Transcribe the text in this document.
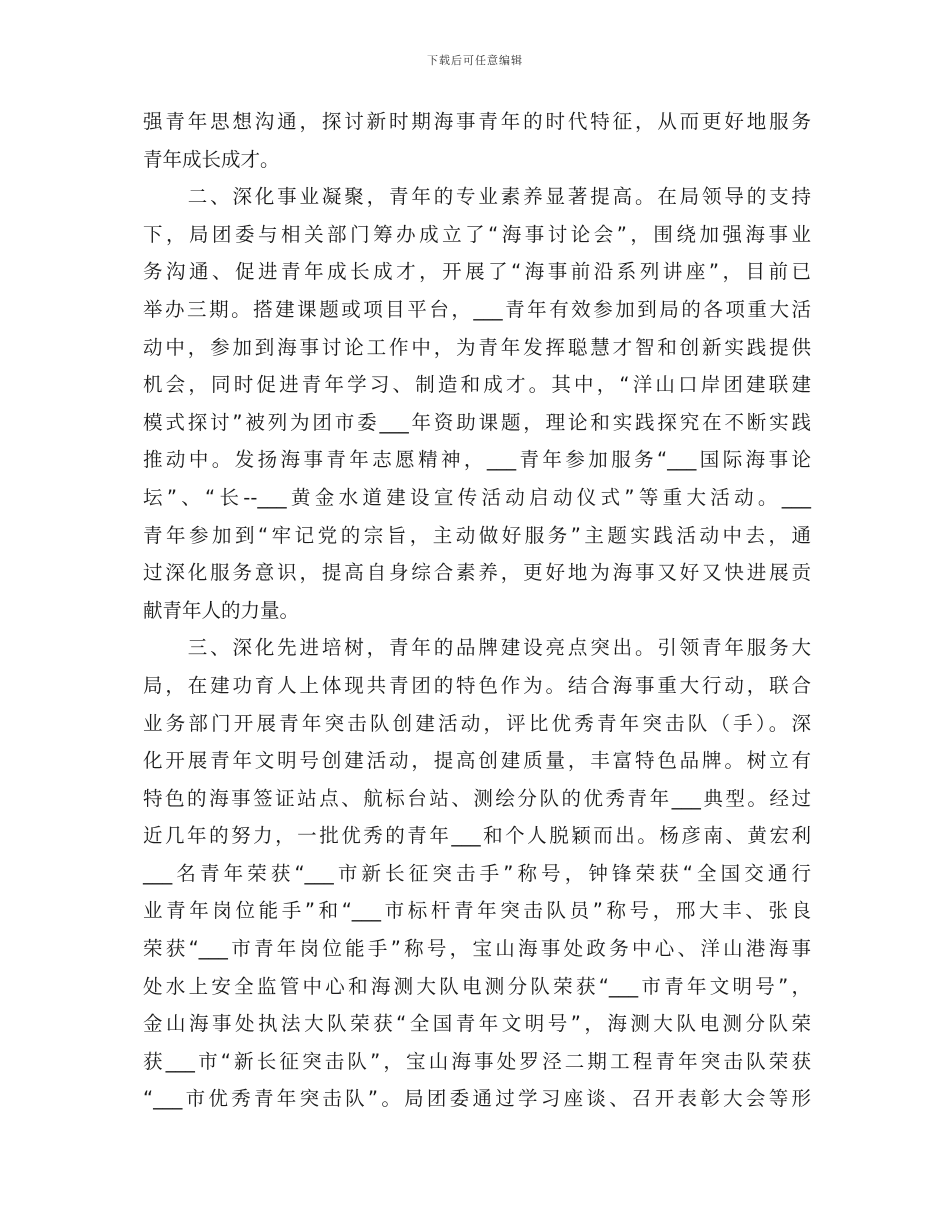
下载后可任意编辑
强青年思想沟通，探讨新时期海事青年的时代特征，从而更好地服务
青年成长成才。
　　二、深化事业凝聚，青年的专业素养显著提高。在局领导的支持
下，局团委与相关部门筹办成立了“海事讨论会”，围绕加强海事业
务沟通、促进青年成长成才，开展了“海事前沿系列讲座”，目前已
举办三期。搭建课题或项目平台，___青年有效参加到局的各项重大活
动中，参加到海事讨论工作中，为青年发挥聪慧才智和创新实践提供
机会，同时促进青年学习、制造和成才。其中，“洋山口岸团建联建
模式探讨”被列为团市委___年资助课题，理论和实践探究在不断实践
推动中。发扬海事青年志愿精神，___青年参加服务“___国际海事论
坛”、“长--___黄金水道建设宣传活动启动仪式”等重大活动。___
青年参加到“牢记党的宗旨，主动做好服务”主题实践活动中去，通
过深化服务意识，提高自身综合素养，更好地为海事又好又快进展贡
献青年人的力量。
　　三、深化先进培树，青年的品牌建设亮点突出。引领青年服务大
局，在建功育人上体现共青团的特色作为。结合海事重大行动，联合
业务部门开展青年突击队创建活动，评比优秀青年突击队（手）。深
化开展青年文明号创建活动，提高创建质量，丰富特色品牌。树立有
特色的海事签证站点、航标台站、测绘分队的优秀青年___典型。经过
近几年的努力，一批优秀的青年___和个人脱颖而出。杨彦南、黄宏利
___名青年荣获“___市新长征突击手”称号，钟锋荣获“全国交通行
业青年岗位能手”和“___市标杆青年突击队员”称号，邢大丰、张良
荣获“___市青年岗位能手”称号，宝山海事处政务中心、洋山港海事
处水上安全监管中心和海测大队电测分队荣获“___市青年文明号”，
金山海事处执法大队荣获“全国青年文明号”，海测大队电测分队荣
获___市“新长征突击队”，宝山海事处罗泾二期工程青年突击队荣获
“___市优秀青年突击队”。局团委通过学习座谈、召开表彰大会等形
